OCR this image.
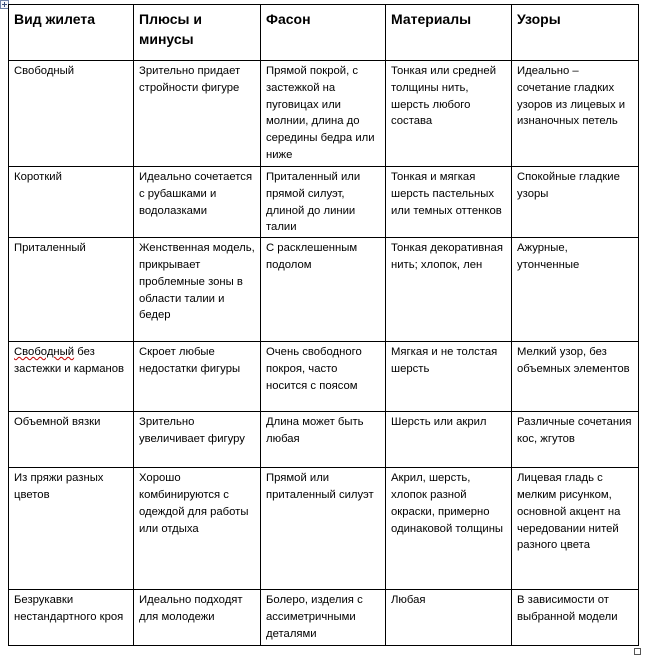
Вид жилета	Плюсы и минусы	Фасон	Материалы	Узоры
Свободный	Зрительно придает стройности фигуре	Прямой покрой, с застежкой на пуговицах или молнии, длина до середины бедра или ниже	Тонкая или средней толщины нить, шерсть любого состава	Идеально – сочетание гладких узоров из лицевых и изнаночных петель
Короткий	Идеально сочетается с рубашками и водолазками	Приталенный или прямой силуэт, длиной до линии талии	Тонкая и мягкая шерсть пастельных или темных оттенков	Спокойные гладкие узоры
Приталенный	Женственная модель, прикрывает проблемные зоны в области талии и бедер	С расклешенным подолом	Тонкая декоративная нить; хлопок, лен	Ажурные, утонченные
Свободный без застежки и карманов	Скроет любые недостатки фигуры	Очень свободного покроя, часто носится с поясом	Мягкая и не толстая шерсть	Мелкий узор, без объемных элементов
Объемной вязки	Зрительно увеличивает фигуру	Длина может быть любая	Шерсть или акрил	Различные сочетания кос, жгутов
Из пряжи разных цветов	Хорошо комбинируются с одеждой для работы или отдыха	Прямой или приталенный силуэт	Акрил, шерсть, хлопок разной окраски, примерно одинаковой толщины	Лицевая гладь с мелким рисунком, основной акцент на чередовании нитей разного цвета
Безрукавки нестандартного кроя	Идеально подходят для молодежи	Болеро, изделия с ассиметричными деталями	Любая	В зависимости от выбранной модели
